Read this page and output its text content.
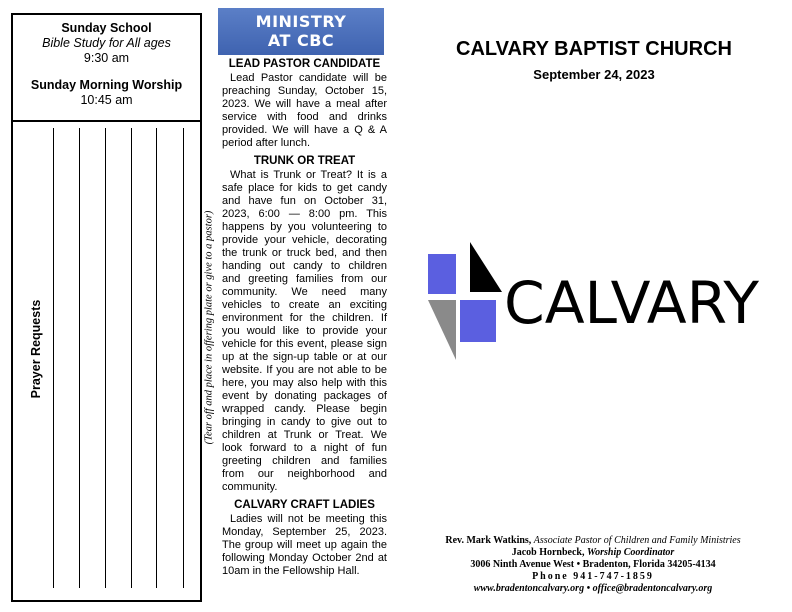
Sunday School
Bible Study for All ages
9:30 am
Sunday Morning Worship
10:45 am
Prayer Requests	(Tear off and place in offering plate or give to a pastor)
MINISTRY
AT CBC
LEAD PASTOR CANDIDATE

Lead Pastor candidate will be preaching Sunday, October 15, 2023. We will have a meal after service with food and drinks provided. We will have a Q & A period after lunch.

TRUNK OR TREAT

What is Trunk or Treat? It is a safe place for kids to get candy and have fun on October 31, 2023, 6:00 — 8:00 pm. This happens by you volunteering to provide your vehicle, decorating the trunk or truck bed, and then handing out candy to children and greeting families from our community. We need many vehicles to create an exciting environment for the children. If you would like to provide your vehicle for this event, please sign up at the sign-up table or at our website. If you are not able to be here, you may also help with this event by donating packages of wrapped candy. Please begin bringing in candy to give out to children at Trunk or Treat. We look forward to a night of fun greeting children and families from our neighborhood and community.

CALVARY CRAFT LADIES

Ladies will not be meeting this Monday, September 25, 2023. The group will meet up again the following Monday October 2nd at 10am in the Fellowship Hall.

CALVARY BAPTIST CHURCH
September 24, 2023
CALVARY
Rev. Mark Watkins, Associate Pastor of Children and Family Ministries
Jacob Hornbeck, Worship Coordinator
3006 Ninth Avenue West • Bradenton, Florida 34205-4134
Phone 941-747-1859
www.bradentoncalvary.org • office@bradentoncalvary.org
